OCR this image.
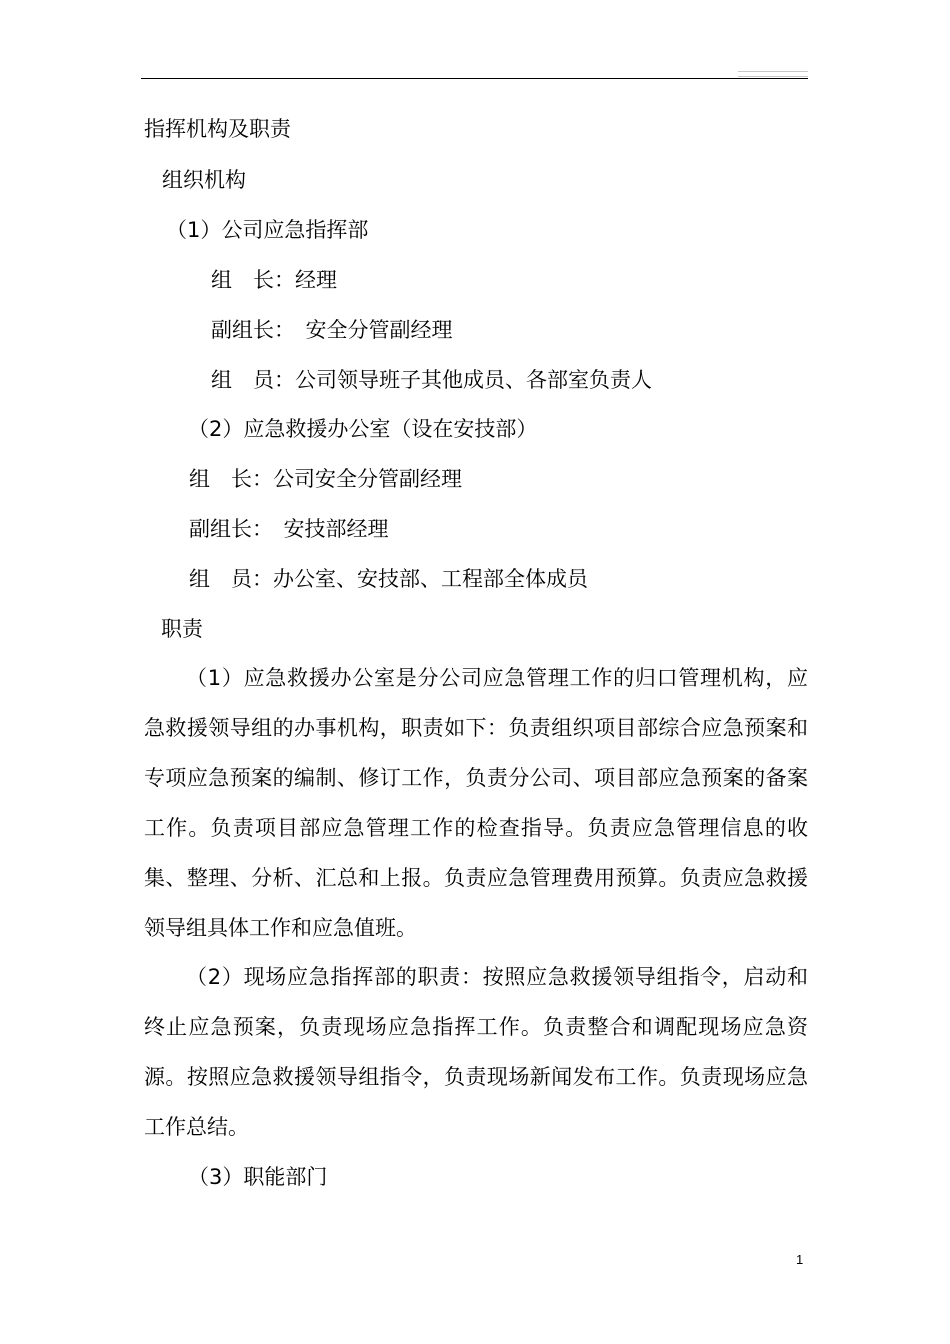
指挥机构及职责
组织机构
（1）公司应急指挥部
组　长：经理
副组长：　安全分管副经理
组　员：公司领导班子其他成员、各部室负责人
（2）应急救援办公室（设在安技部）
组　长：公司安全分管副经理
副组长：　安技部经理
组　员：办公室、安技部、工程部全体成员
职责

（1）应急救援办公室是分公司应急管理工作的归口管理机构，应急救援领导组的办事机构，职责如下：负责组织项目部综合应急预案和专项应急预案的编制、修订工作，负责分公司、项目部应急预案的备案工作。负责项目部应急管理工作的检查指导。负责应急管理信息的收集、整理、分析、汇总和上报。负责应急管理费用预算。负责应急救援领导组具体工作和应急值班。

（2）现场应急指挥部的职责：按照应急救援领导组指令，启动和终止应急预案，负责现场应急指挥工作。负责整合和调配现场应急资源。按照应急救援领导组指令，负责现场新闻发布工作。负责现场应急工作总结。

（3）职能部门
1
